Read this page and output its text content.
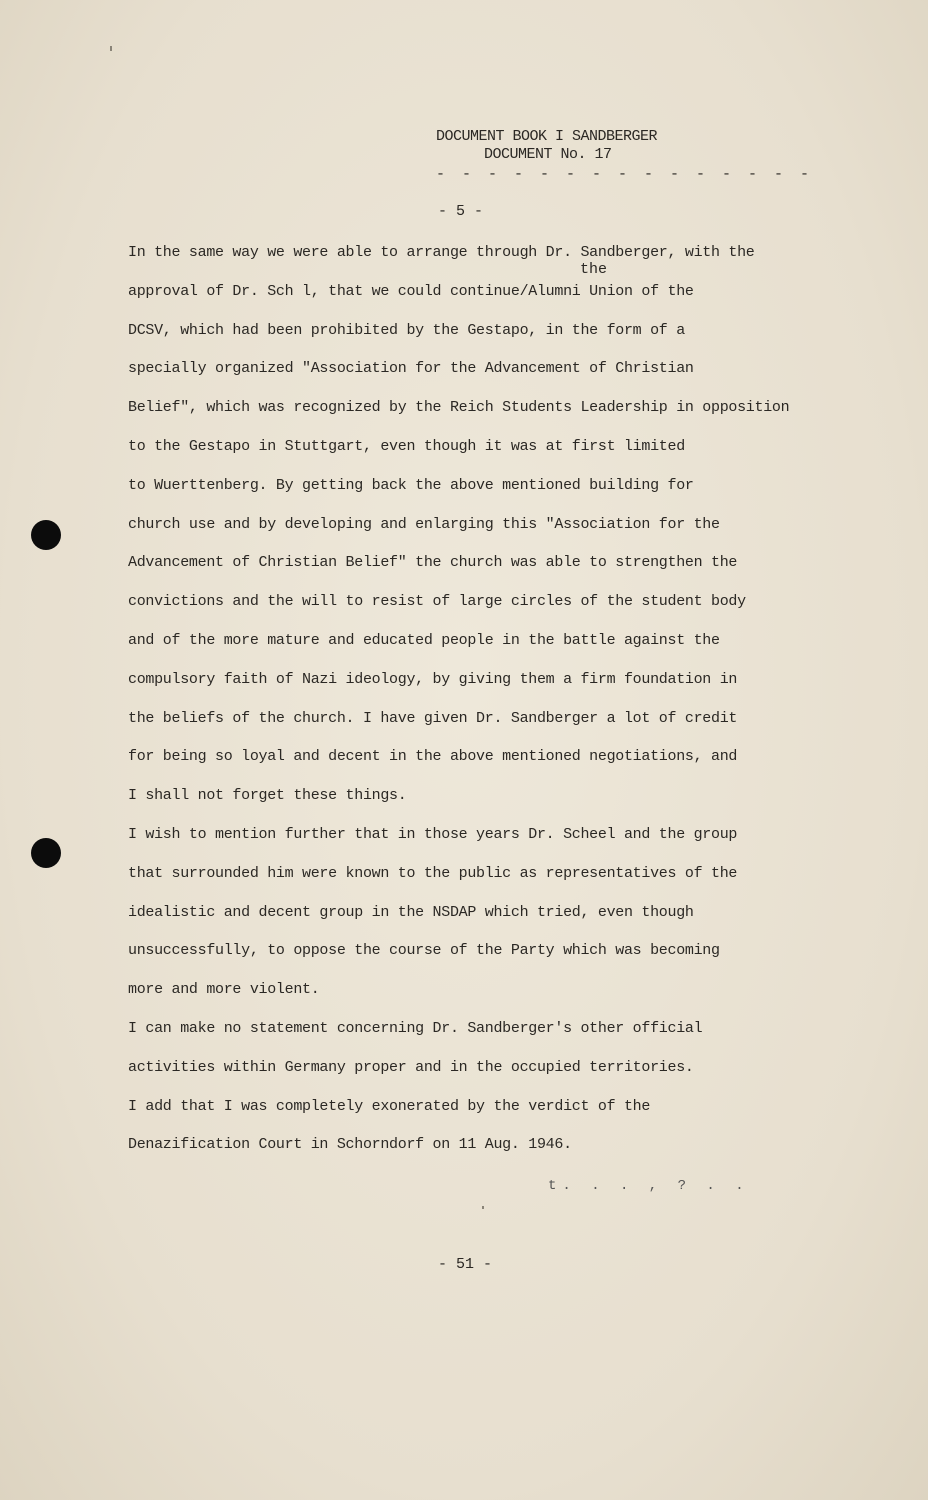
DOCUMENT BOOK I SANDBERGER
DOCUMENT No. 17
- - - - - - - - - - - - - - -
- 5 -
the
In the same way we were able to arrange through Dr. Sandberger, with the
approval of Dr. Sch l, that we could continue/Alumni Union of the
DCSV, which had been prohibited by the Gestapo, in the form of a
specially organized "Association for the Advancement of Christian
Belief", which was recognized by the Reich Students Leadership in opposition
to the Gestapo in Stuttgart, even though it was at first limited
to Wuerttenberg. By getting back the above mentioned building for
church use and by developing and enlarging this "Association for the
Advancement of Christian Belief" the church was able to strengthen the
convictions and the will to resist of large circles of the student body
and of the more mature and educated people in the battle against the
compulsory faith of Nazi ideology, by giving them a firm foundation in
the beliefs of the church. I have given Dr. Sandberger a lot of credit
for being so loyal and decent in the above mentioned negotiations, and
I shall not forget these things.
I wish to mention further that in those years Dr. Scheel and the group
that surrounded him were known to the public as representatives of the
idealistic and decent group in the NSDAP which tried, even though
unsuccessfully, to oppose the course of the Party which was becoming
more and more violent.
I can make no statement concerning Dr. Sandberger's other official
activities within Germany proper and in the occupied territories.
I add that I was completely exonerated by the verdict of the
Denazification Court in Schorndorf on 11 Aug. 1946.
t. . . , ? . .
- 51 -
